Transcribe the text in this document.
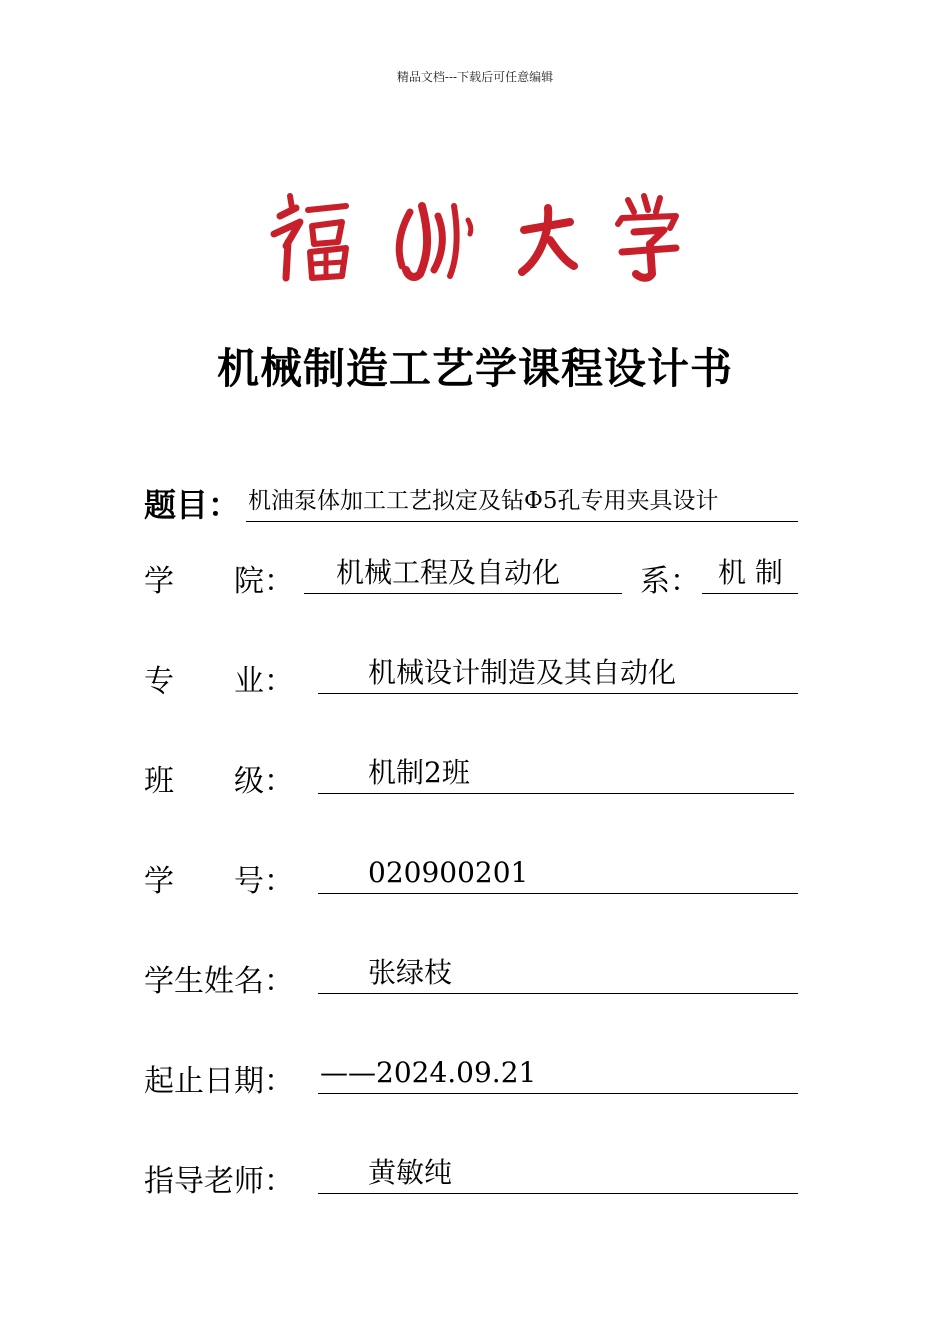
精品文档---下载后可任意编辑
机械制造工艺学课程设计书
题目： 机油泵体加工工艺拟定及钻Φ5孔专用夹具设计
学　　院：	机械工程及自动化	系： 机 制
专　　业：	机械设计制造及其自动化
班　　级：	机制2班
学　　号：	020900201
学生姓名：	张绿枝
起止日期： ——2024.09.21
指导老师：	黄敏纯
